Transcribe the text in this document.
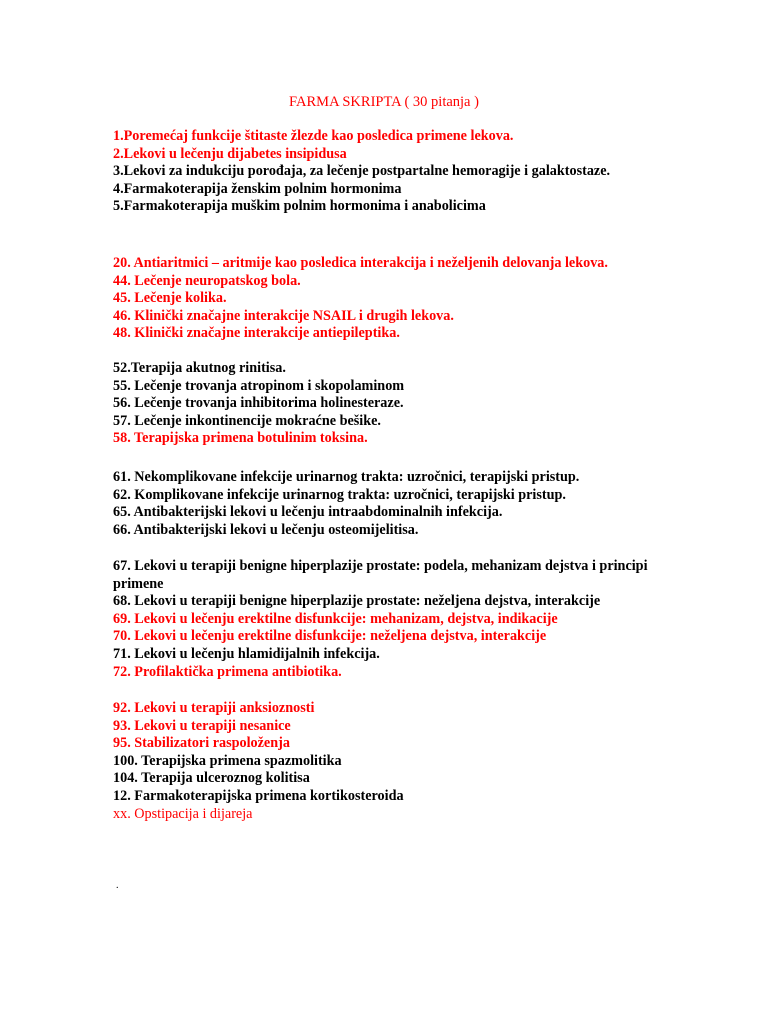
FARMA SKRIPTA ( 30 pitanja )
1.Poremećaj funkcije štitaste žlezde kao posledica primene lekova.
2.Lekovi u lečenju dijabetes insipidusa
3.Lekovi za indukciju porođaja, za lečenje postpartalne hemoragije i galaktostaze.
4.Farmakoterapija ženskim polnim hormonima
5.Farmakoterapija muškim polnim hormonima i anabolicima
20. Antiaritmici – aritmije kao posledica interakcija i neželjenih delovanja lekova.
44. Lečenje neuropatskog bola.
45. Lečenje kolika.
46. Klinički značajne interakcije NSAIL i drugih lekova.
48. Klinički značajne interakcije antiepileptika.
52.Terapija akutnog rinitisa.
55. Lečenje trovanja atropinom i skopolaminom
56. Lečenje trovanja inhibitorima holinesteraze.
57. Lečenje inkontinencije mokraćne bešike.
58. Terapijska primena botulinim toksina.
61. Nekomplikovane infekcije urinarnog trakta: uzročnici, terapijski pristup.
62. Komplikovane infekcije urinarnog trakta: uzročnici, terapijski pristup.
65. Antibakterijski lekovi u lečenju intraabdominalnih infekcija.
66. Antibakterijski lekovi u lečenju osteomijelitisa.
67. Lekovi u terapiji benigne hiperplazije prostate: podela, mehanizam dejstva i principi primene
68. Lekovi u terapiji benigne hiperplazije prostate: neželjena dejstva, interakcije
69. Lekovi u lečenju erektilne disfunkcije: mehanizam, dejstva, indikacije
70. Lekovi u lečenju erektilne disfunkcije: neželjena dejstva, interakcije
71. Lekovi u lečenju hlamidijalnih infekcija.
72. Profilaktička primena antibiotika.
92. Lekovi u terapiji anksioznosti
93. Lekovi u terapiji nesanice
95. Stabilizatori raspoloženja
100. Terapijska primena spazmolitika
104. Terapija ulceroznog kolitisa
12. Farmakoterapijska primena kortikosteroida
xx. Opstipacija i dijareja
.
